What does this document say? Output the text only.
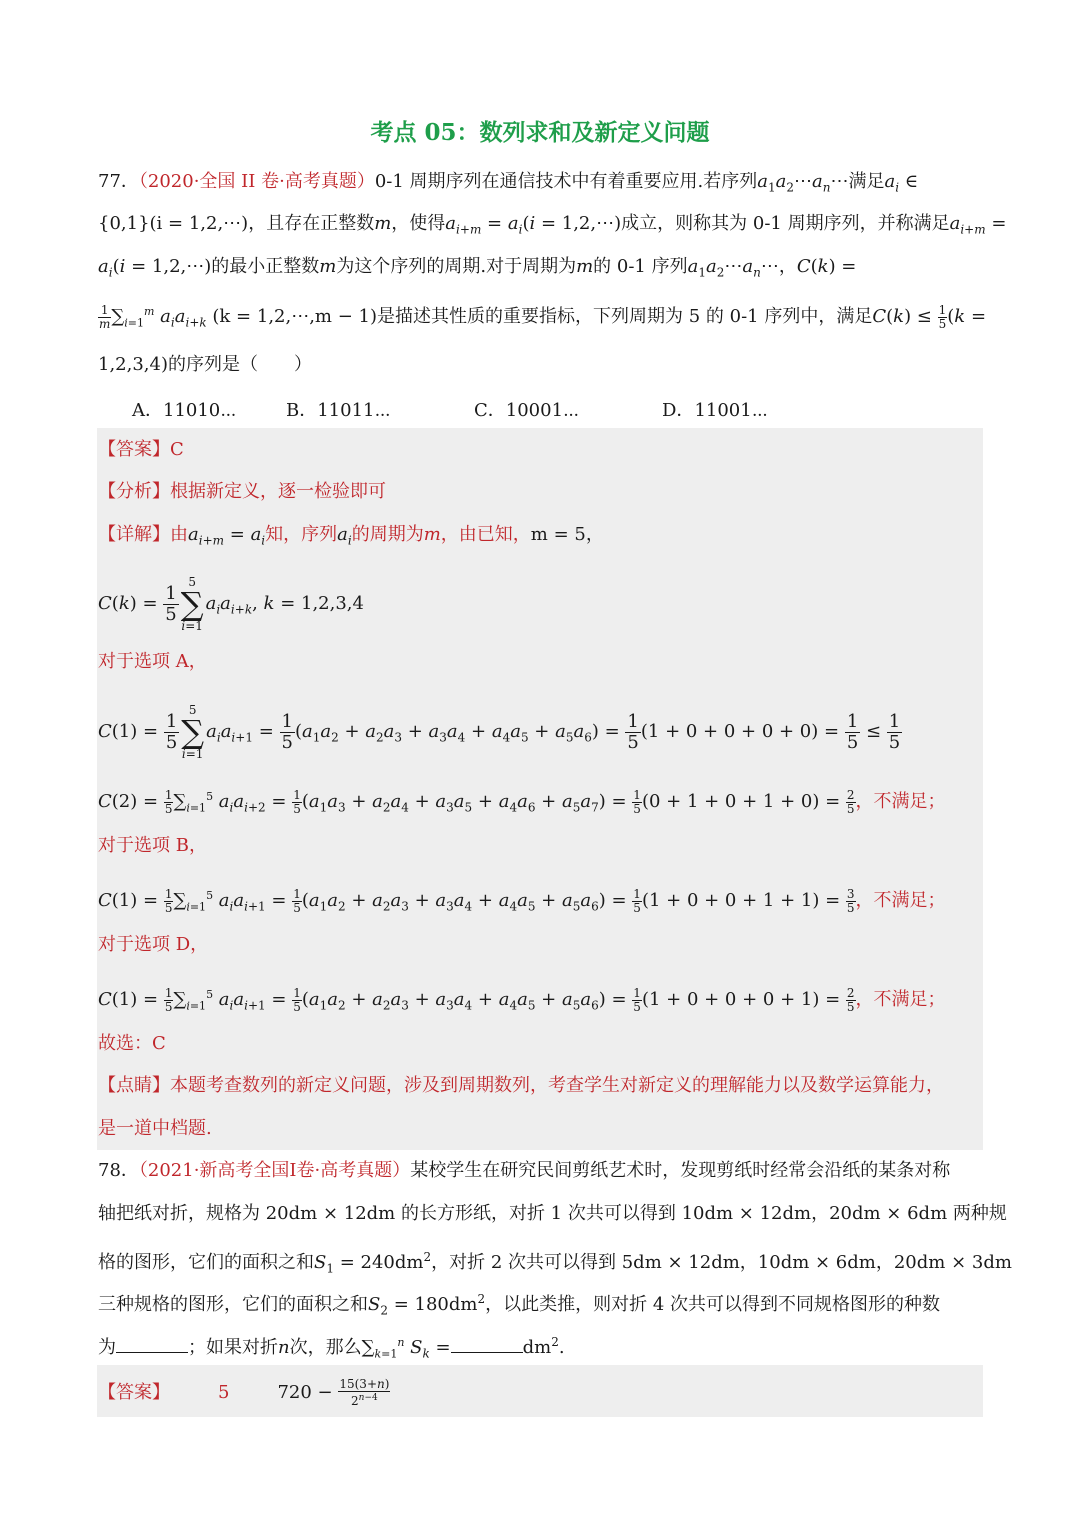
考点 05：数列求和及新定义问题
77．（2020·全国 II 卷·高考真题）0-1 周期序列在通信技术中有着重要应用.若序列$a_1a_2\cdots a_n\cdots$满足$a_i$ ∈
{0,1}(i = 1,2,⋯)，且存在正整数m，使得$a_{i+m} = a_i(i$ = 1,2,⋯)成立，则称其为 0-1 周期序列，并称满足$a_{i+m}$ =
$a_i(i$ = 1,2,⋯)的最小正整数m为这个序列的周期.对于周期为m的 0-1 序列$a_1a_2\cdots a_n\cdots$，C(k) =
$\frac{1}{m} \sum_{i=1}^m$ $a_ia_{i+k}$ (k = 1,2,⋯,m − 1)是描述其性质的重要指标，下列周期为 5 的 0-1 序列中，满足$C(k) \le \frac{1}{5} (k$ =
1,2,3,4)的序列是（　　）
A．11010⋯	B．11011⋯	C．10001⋯	D．11001⋯
【答案】C
【分析】根据新定义，逐一检验即可
【详解】由$a_{i+m} = a_i$知，序列$a_i$的周期为m，由已知，m = 5，
$C(k) = \frac{1}{5}$
5
∑
$i=1a_ia_{i+k}$, k = 1,2,3,4
对于选项 A，
$C(1) = \frac{1}{5}$
5
∑
$i=1a_ia_{i+1} = \frac{1}{5} (a_1a_2 + a_2a_3 + a_3a_4 + a_4a_5 + a_5a_6) = \frac{1}{5} (1 + 0 + 0 + 0 + 0) = \frac{1}{5} \le \frac{1}{5}$
$C(2) = \frac{1}{5} \sum_{i=1}^5$ $a_ia_{i+2} = \frac{1}{5} (a_1a_3 + a_2a_4 + a_3a_5 + a_4a_6 + a_5a_7) = \frac{1}{5} (0 + 1 + 0 + 1 + 0) = \frac{2}{5}$ ，不满足；
对于选项 B，
$C(1) = \frac{1}{5} \sum_{i=1}^5$ $a_ia_{i+1} = \frac{1}{5} (a_1a_2 + a_2a_3 + a_3a_4 + a_4a_5 + a_5a_6) = \frac{1}{5} (1 + 0 + 0 + 1 + 1) = \frac{3}{5}$ ，不满足；
对于选项 D，
$C(1) = \frac{1}{5} \sum_{i=1}^5$ $a_ia_{i+1} = \frac{1}{5} (a_1a_2 + a_2a_3 + a_3a_4 + a_4a_5 + a_5a_6) = \frac{1}{5} (1 + 0 + 0 + 0 + 1) = \frac{2}{5}$ ，不满足；
故选：C
【点睛】本题考查数列的新定义问题，涉及到周期数列，考查学生对新定义的理解能力以及数学运算能力，
是一道中档题.
78．（2021·新高考全国I卷·高考真题）某校学生在研究民间剪纸艺术时，发现剪纸时经常会沿纸的某条对称
轴把纸对折，规格为 20dm × 12dm 的长方形纸，对折 1 次共可以得到 10dm × 12dm，20dm × 6dm 两种规
格的图形，它们的面积之和$S_1 = 240dm^2$，对折 2 次共可以得到 5dm × 12dm，10dm × 6dm，20dm × 3dm
三种规格的图形，它们的面积之和$S_2 = 180dm^2$，以此类推，则对折 4 次共可以得到不同规格图形的种数
为	；如果对折n次，那么$\sum_{k=1}^n$ $S_k$ =	$dm^2$.
【答案】	5	$720 - \frac{15(3+n)}{2^{n-4}}$
